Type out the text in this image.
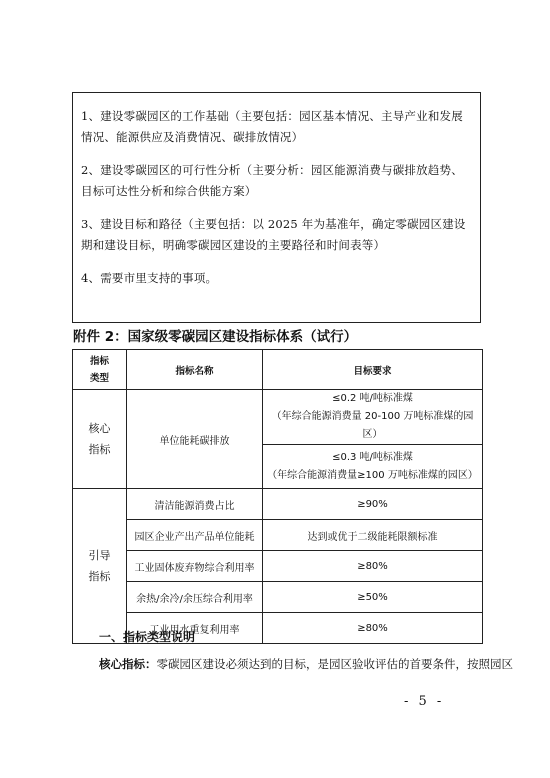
1、建设零碳园区的工作基础（主要包括：园区基本情况、主导产业和发展情况、能源供应及消费情况、碳排放情况）

2、建设零碳园区的可行性分析（主要分析：园区能源消费与碳排放趋势、目标可达性分析和综合供能方案）

3、建设目标和路径（主要包括：以 2025 年为基准年，确定零碳园区建设期和建设目标，明确零碳园区建设的主要路径和时间表等）

4、需要市里支持的事项。

附件 2：国家级零碳园区建设指标体系（试行）
指标类型	指标名称	目标要求

核心指标	单位能耗碳排放	≤0.2 吨/吨标准煤
（年综合能源消费量 20-100 万吨标准煤的园区）

		≤0.3 吨/吨标准煤
（年综合能源消费量≥100 万吨标准煤的园区）

引导指标	清洁能源消费占比	≥90%
	园区企业产出产品单位能耗	达到或优于二级能耗限额标准
	工业固体废弃物综合利用率	≥80%
	余热/余冷/余压综合利用率	≥50%
	工业用水重复利用率	≥80%
一、指标类型说明
核心指标：零碳园区建设必须达到的目标，是园区验收评估的首要条件，按照园区
- 5 -
